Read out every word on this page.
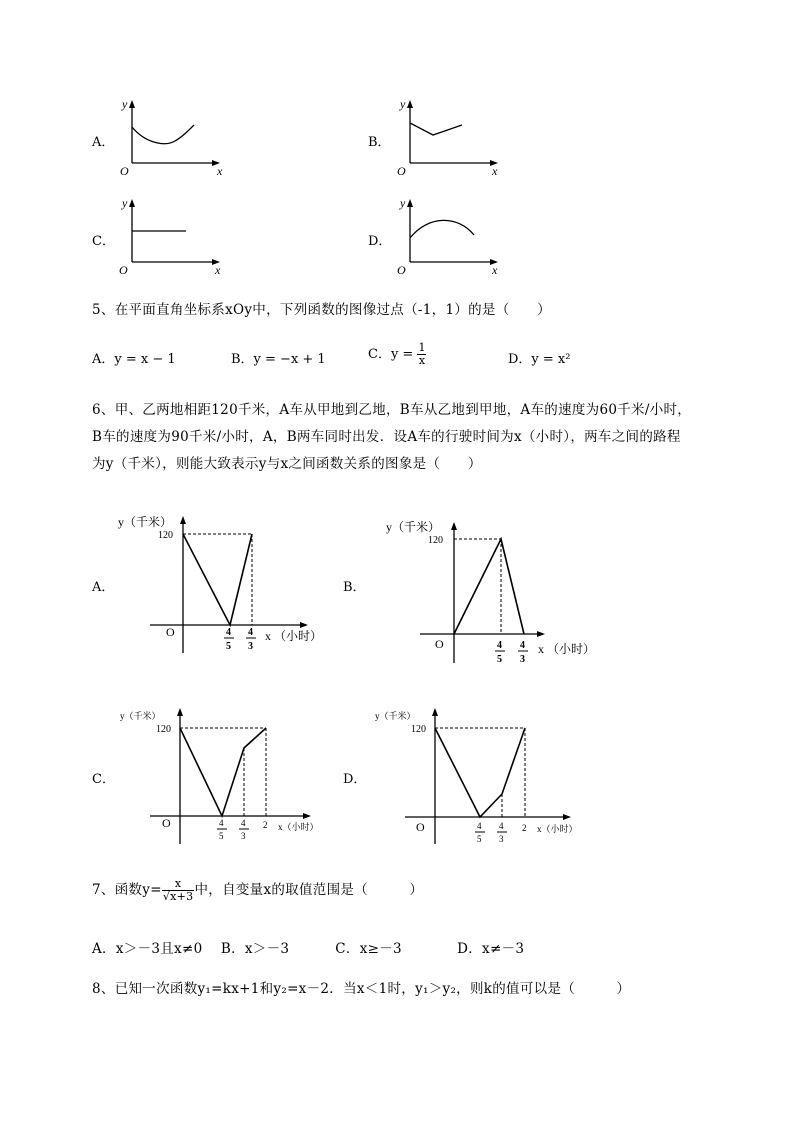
A．
y
x
O
B．
y
x
O
C．
y
x
O
D．
y
x
O
5、在平面直角坐标系xOy中，下列函数的图像过点（-1，1）的是（　　）
A．y = x − 1	B．y = −x + 1	C．$y = \frac{1}{x}$	D．y = x²
6、甲、乙两地相距120千米，A车从甲地到乙地，B车从乙地到甲地，A车的速度为60千米/小时，
B车的速度为90千米/小时，A，B两车同时出发．设A车的行驶时间为x（小时），两车之间的路程
为y（千米），则能大致表示y与x之间函数关系的图象是（　　）
A．
y（千米）
120
O	x （小时）
4
5
4
3
B．
y（千米）
120
O	x （小时）
4
5
4
3
C．
y（千米）
120
O	x（小时）
4
5
4
3
2
D．
y（千米）
120
O	x（小时）
4
5
4
3
2
7、函数$y= \frac{x}{√x+3}$ 中，自变量x的取值范围是（　　　）
A．x＞－3且x≠0　 B．x＞－3　　　 C．x≥－3　　　　D．x≠－3
8、已知一次函数y₁=kx+1和y₂=x－2．当x＜1时，y₁＞y₂，则k的值可以是（　　　）
